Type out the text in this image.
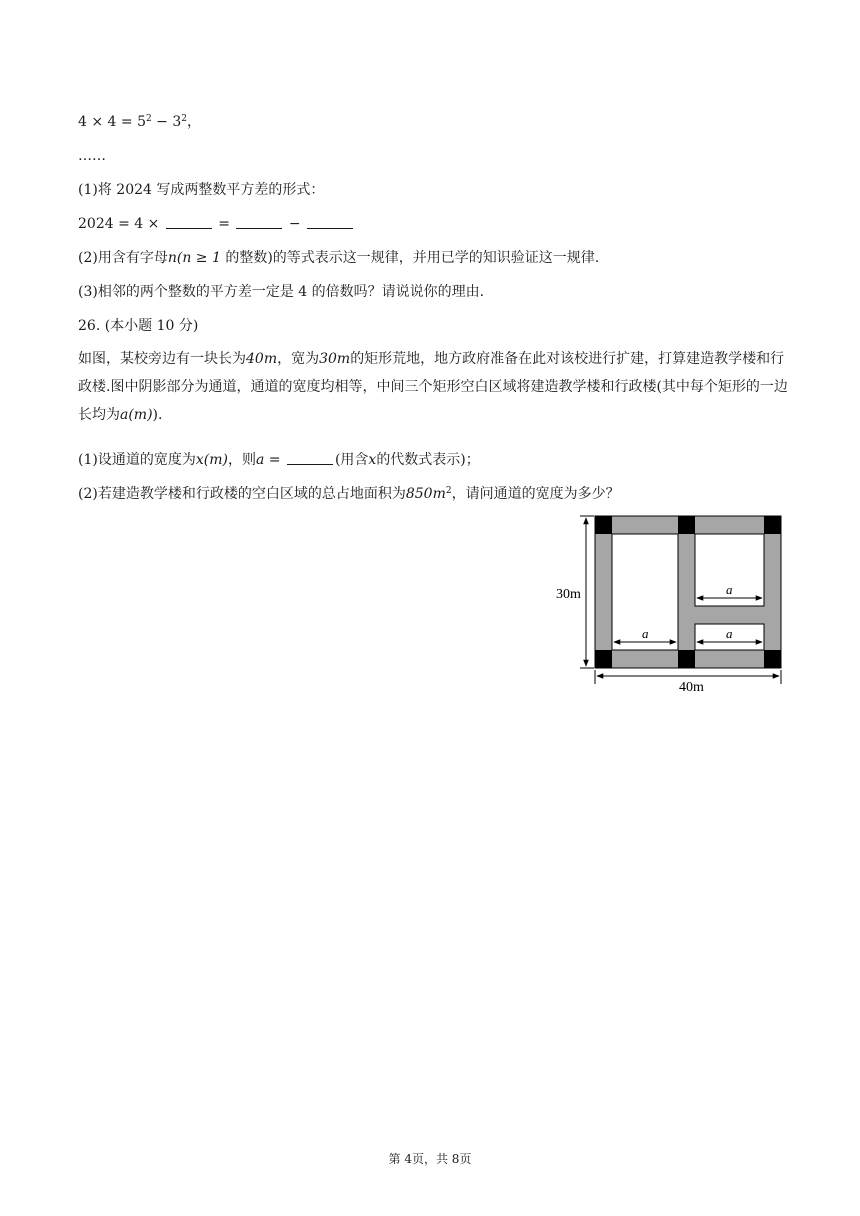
$4 \times 4 = 5^2 - 3^2$，
……
(1)将 2024 写成两整数平方差的形式：
2024 = 4 ×	=	−
(2)用含有字母n(n ≥ 1 的整数)的等式表示这一规律，并用已学的知识验证这一规律.
(3)相邻的两个整数的平方差一定是 4 的倍数吗？请说说你的理由.
26. (本小题 10 分)
如图，某校旁边有一块长为40m，宽为30m的矩形荒地，地方政府准备在此对该校进行扩建，打算建造教学楼和行政楼.图中阴影部分为通道，通道的宽度均相等，中间三个矩形空白区域将建造教学楼和行政楼(其中每个矩形的一边长均为a(m)).
(1)设通道的宽度为x(m)，则a =	(用含x的代数式表示)；
(2)若建造教学楼和行政楼的空白区域的总占地面积为$850m^2$，请问通道的宽度为多少？
30m
40m
a
a
a
第 4页，共 8页
